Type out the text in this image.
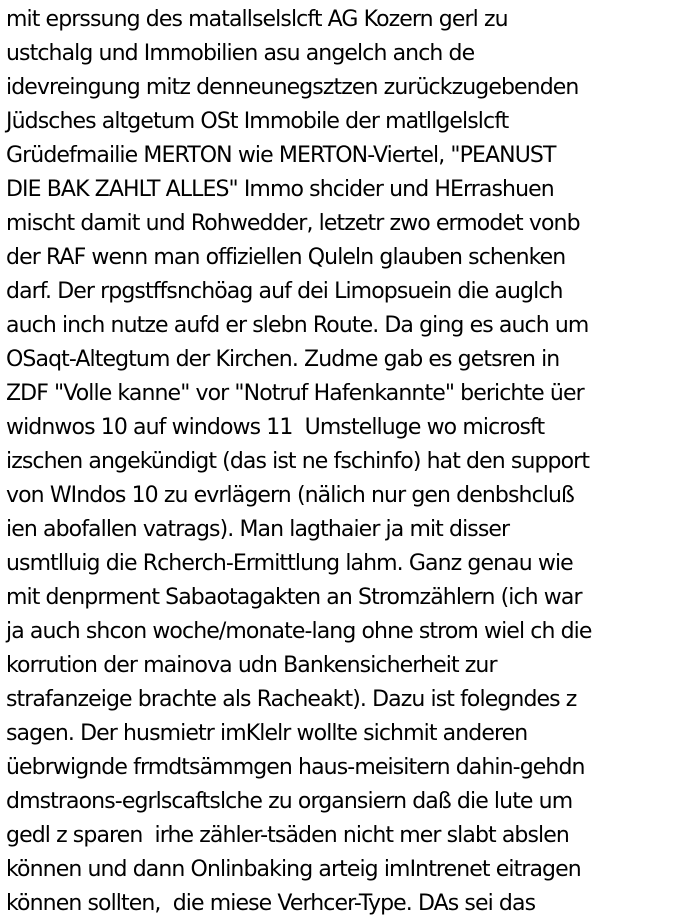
mit eprssung des matallselslcft AG Kozern gerl zu
ustchalg und Immobilien asu angelch anch de
idevreingung mitz denneunegsztzen zurückzugebenden
Jüdsches altgetum OSt Immobile der matllgelslcft
Grüdefmailie MERTON wie MERTON-Viertel, "PEANUST
DIE BAK ZAHLT ALLES" Immo shcider und HErrashuen
mischt damit und Rohwedder, letzetr zwo ermodet vonb
der RAF wenn man offiziellen Quleln glauben schenken
darf. Der rpgstffsnchöag auf dei Limopsuein die auglch
auch inch nutze aufd er slebn Route. Da ging es auch um
OSaqt-Altegtum der Kirchen. Zudme gab es getsren in
ZDF "Volle kanne" vor "Notruf Hafenkannte" berichte üer
widnwos 10 auf windows 11  Umstelluge wo microsft
izschen angekündigt (das ist ne fschinfo) hat den support
von WIndos 10 zu evrlägern (nälich nur gen denbshcluß
ien abofallen vatrags). Man lagthaier ja mit disser
usmtlluig die Rcherch-Ermittlung lahm. Ganz genau wie
mit denprment Sabaotagakten an Stromzählern (ich war
ja auch shcon woche/monate-lang ohne strom wiel ch die
korrution der mainova udn Bankensicherheit zur
strafanzeige brachte als Racheakt). Dazu ist folegndes z
sagen. Der husmietr imKlelr wollte sichmit anderen
üebrwignde frmdtsämmgen haus-meisitern dahin-gehdn
dmstraons-egrlscaftslche zu organsiern daß die lute um
gedl z sparen  irhe zähler-tsäden nicht mer slabt abslen
können und dann Onlinbaking arteig imIntrenet eitragen
können sollten,  die miese Verhcer-Type. DAs sei das
